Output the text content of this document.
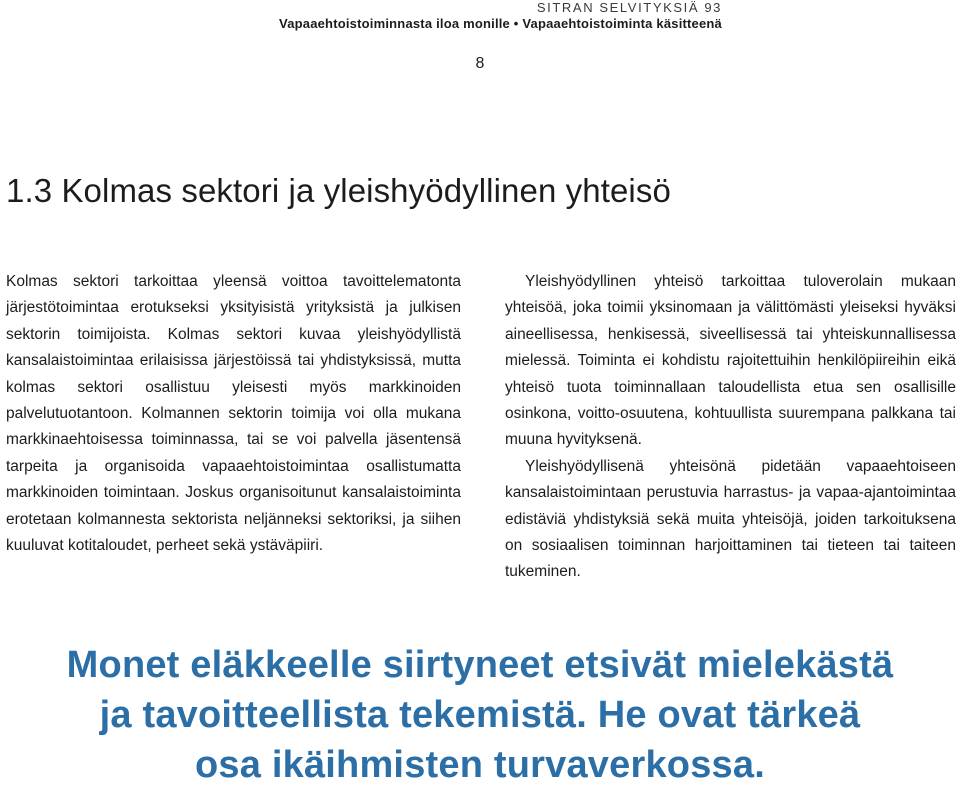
SITRAN SELVITYKSIÄ 93
Vapaaehtoistoiminnasta iloa monille • Vapaaehtoistoiminta käsitteenä
8
1.3 Kolmas sektori ja yleishyödyllinen yhteisö

Kolmas sektori tarkoittaa yleensä voittoa tavoittelematonta järjestötoimintaa erotukseksi yksityisistä yrityksistä ja julkisen sektorin toimijoista. Kolmas sektori kuvaa yleishyödyllistä kansalaistoimintaa erilaisissa järjestöissä tai yhdistyksissä, mutta kolmas sektori osallistuu yleisesti myös markkinoiden palvelutuotantoon. Kolmannen sektorin toimija voi olla mukana markkinaehtoisessa toiminnassa, tai se voi palvella jäsentensä tarpeita ja organisoida vapaaehtoistoimintaa osallistumatta markkinoiden toimintaan. Joskus organisoitunut kansalaistoiminta erotetaan kolmannesta sektorista neljänneksi sektoriksi, ja siihen kuuluvat kotitaloudet, perheet sekä ystäväpiiri.

Yleishyödyllinen yhteisö tarkoittaa tuloverolain mukaan yhteisöä, joka toimii yksinomaan ja välittömästi yleiseksi hyväksi aineellisessa, henkisessä, siveellisessä tai yhteiskunnallisessa mielessä. Toiminta ei kohdistu rajoitettuihin henkilöpiireihin eikä yhteisö tuota toiminnallaan taloudellista etua sen osallisille osinkona, voitto-osuutena, kohtuullista suurempana palkkana tai muuna hyvityksenä.

Yleishyödyllisenä yhteisönä pidetään vapaaehtoiseen kansalaistoimintaan perustuvia harrastus- ja vapaa-ajantoimintaa edistäviä yhdistyksiä sekä muita yhteisöjä, joiden tarkoituksena on sosiaalisen toiminnan harjoittaminen tai tieteen tai taiteen tukeminen.

Monet eläkkeelle siirtyneet etsivät mielekästä
ja tavoitteellista tekemistä. He ovat tärkeä
osa ikäihmisten turvaverkossa.
